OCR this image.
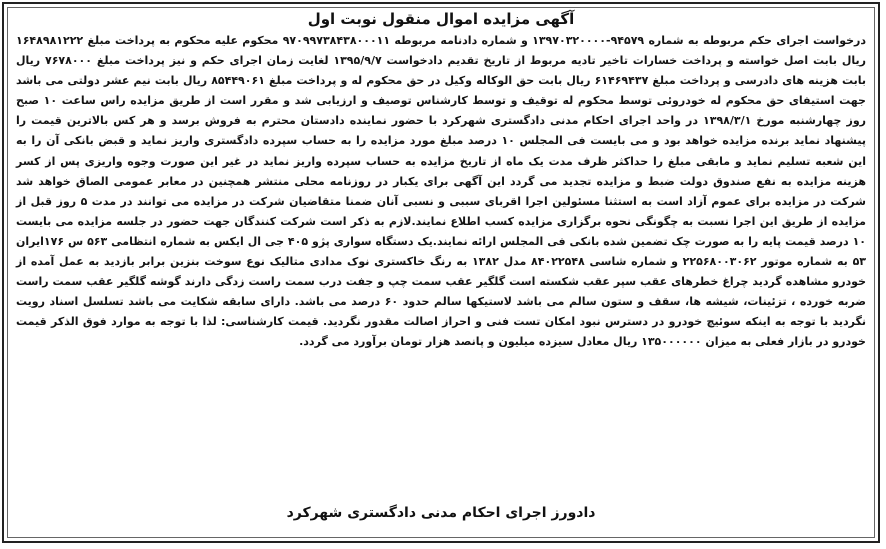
آگهی مزایده اموال منقول نوبت اول

درخواست اجرای حکم مربوطه به شماره ۹۴۵۷۹-۱۳۹۷۰۳۲۰۰۰۰ و شماره دادنامه مربوطه ۹۷۰۹۹۷۳۸۴۳۸۰۰۰۱۱ محکوم علیه محکوم به پرداخت مبلغ ۱۶۴۸۹۸۱۲۲۲ ریال بابت اصل خواسته و پرداخت خسارات تاخیر تادیه مربوط از تاریخ تقدیم دادخواست ۱۳۹۵/۹/۷ لغایت زمان اجرای حکم و نیز پرداخت مبلغ ۷۶۷۸۰۰۰ ریال بابت هزینه های دادرسی و پرداخت مبلغ ۶۱۴۶۹۴۳۷ ریال بابت حق الوکاله وکیل در حق محکوم له و پرداخت مبلغ ۸۵۴۴۹۰۶۱ ریال بابت نیم عشر دولتی می باشد جهت استیفای حق محکوم له خودروئی توسط محکوم له توقیف و توسط کارشناس توصیف و ارزیابی شد و مقرر است از طریق مزایده راس ساعت ۱۰ صبح روز چهارشنبه مورخ ۱۳۹۸/۳/۱ در واحد اجرای احکام مدنی دادگستری شهرکرد با حضور نماینده دادستان محترم به فروش برسد و هر کس بالاترین قیمت را پیشنهاد نماید برنده مزایده خواهد بود و می بایست فی المجلس ۱۰ درصد مبلغ مورد مزایده را به حساب سپرده دادگستری واریز نماید و قبض بانکی آن را به این شعبه تسلیم نماید و مابقی مبلغ را حداکثر ظرف مدت یک ماه از تاریخ مزایده به حساب سپرده واریز نماید در غیر این صورت وجوه واریزی پس از کسر هزینه مزایده به نفع صندوق دولت ضبط و مزایده تجدید می گردد این آگهی برای یکبار در روزنامه محلی منتشر همچنین در معابر عمومی الصاق خواهد شد شرکت در مزایده برای عموم آزاد است به استثنا مسئولین اجرا اقربای سببی و نسبی آنان ضمنا متقاضیان شرکت در مزایده می توانند در مدت ۵ روز قبل از مزایده از طریق این اجرا نسبت به چگونگی نحوه برگزاری مزایده کسب اطلاع نمایند.لازم به ذکر است شرکت کنندگان جهت حضور در جلسه مزایده می بایست ۱۰ درصد قیمت پایه را به صورت چک تضمین شده بانکی فی المجلس ارائه نمایند.یک دستگاه سواری پژو ۴۰۵ جی ال ایکس به شماره انتظامی ۵۶۳ س ۱۷۶ایران ۵۳ به شماره موتور ۲۲۵۶۸۰۰۳۰۶۲ و شماره شاسی ۸۴۰۲۲۵۴۸ مدل ۱۳۸۲ به رنگ خاکستری نوک مدادی متالیک نوع سوخت بنزین برابر بازدید به عمل آمده از خودرو مشاهده گردید چراغ خطرهای عقب سپر عقب شکسته است گلگیر عقب سمت چپ و جفت درب سمت راست زدگی دارند گوشه گلگیر عقب سمت راست ضربه خورده ، تزئینات، شیشه ها، سقف و ستون سالم می باشد لاستیکها سالم حدود ۶۰ درصد می باشد. دارای سابقه شکایت می باشد تسلسل اسناد رویت نگردید با توجه به اینکه سوئیچ خودرو در دسترس نبود امکان تست فنی و احراز اصالت مقدور نگردید. قیمت کارشناسی: لذا با توجه به موارد فوق الذکر قیمت خودرو در بازار فعلی به میزان ۱۳۵۰۰۰۰۰۰ ریال معادل سیزده میلیون و پانصد هزار تومان برآورد می گردد.

دادورز اجرای احکام مدنی دادگستری شهرکرد
